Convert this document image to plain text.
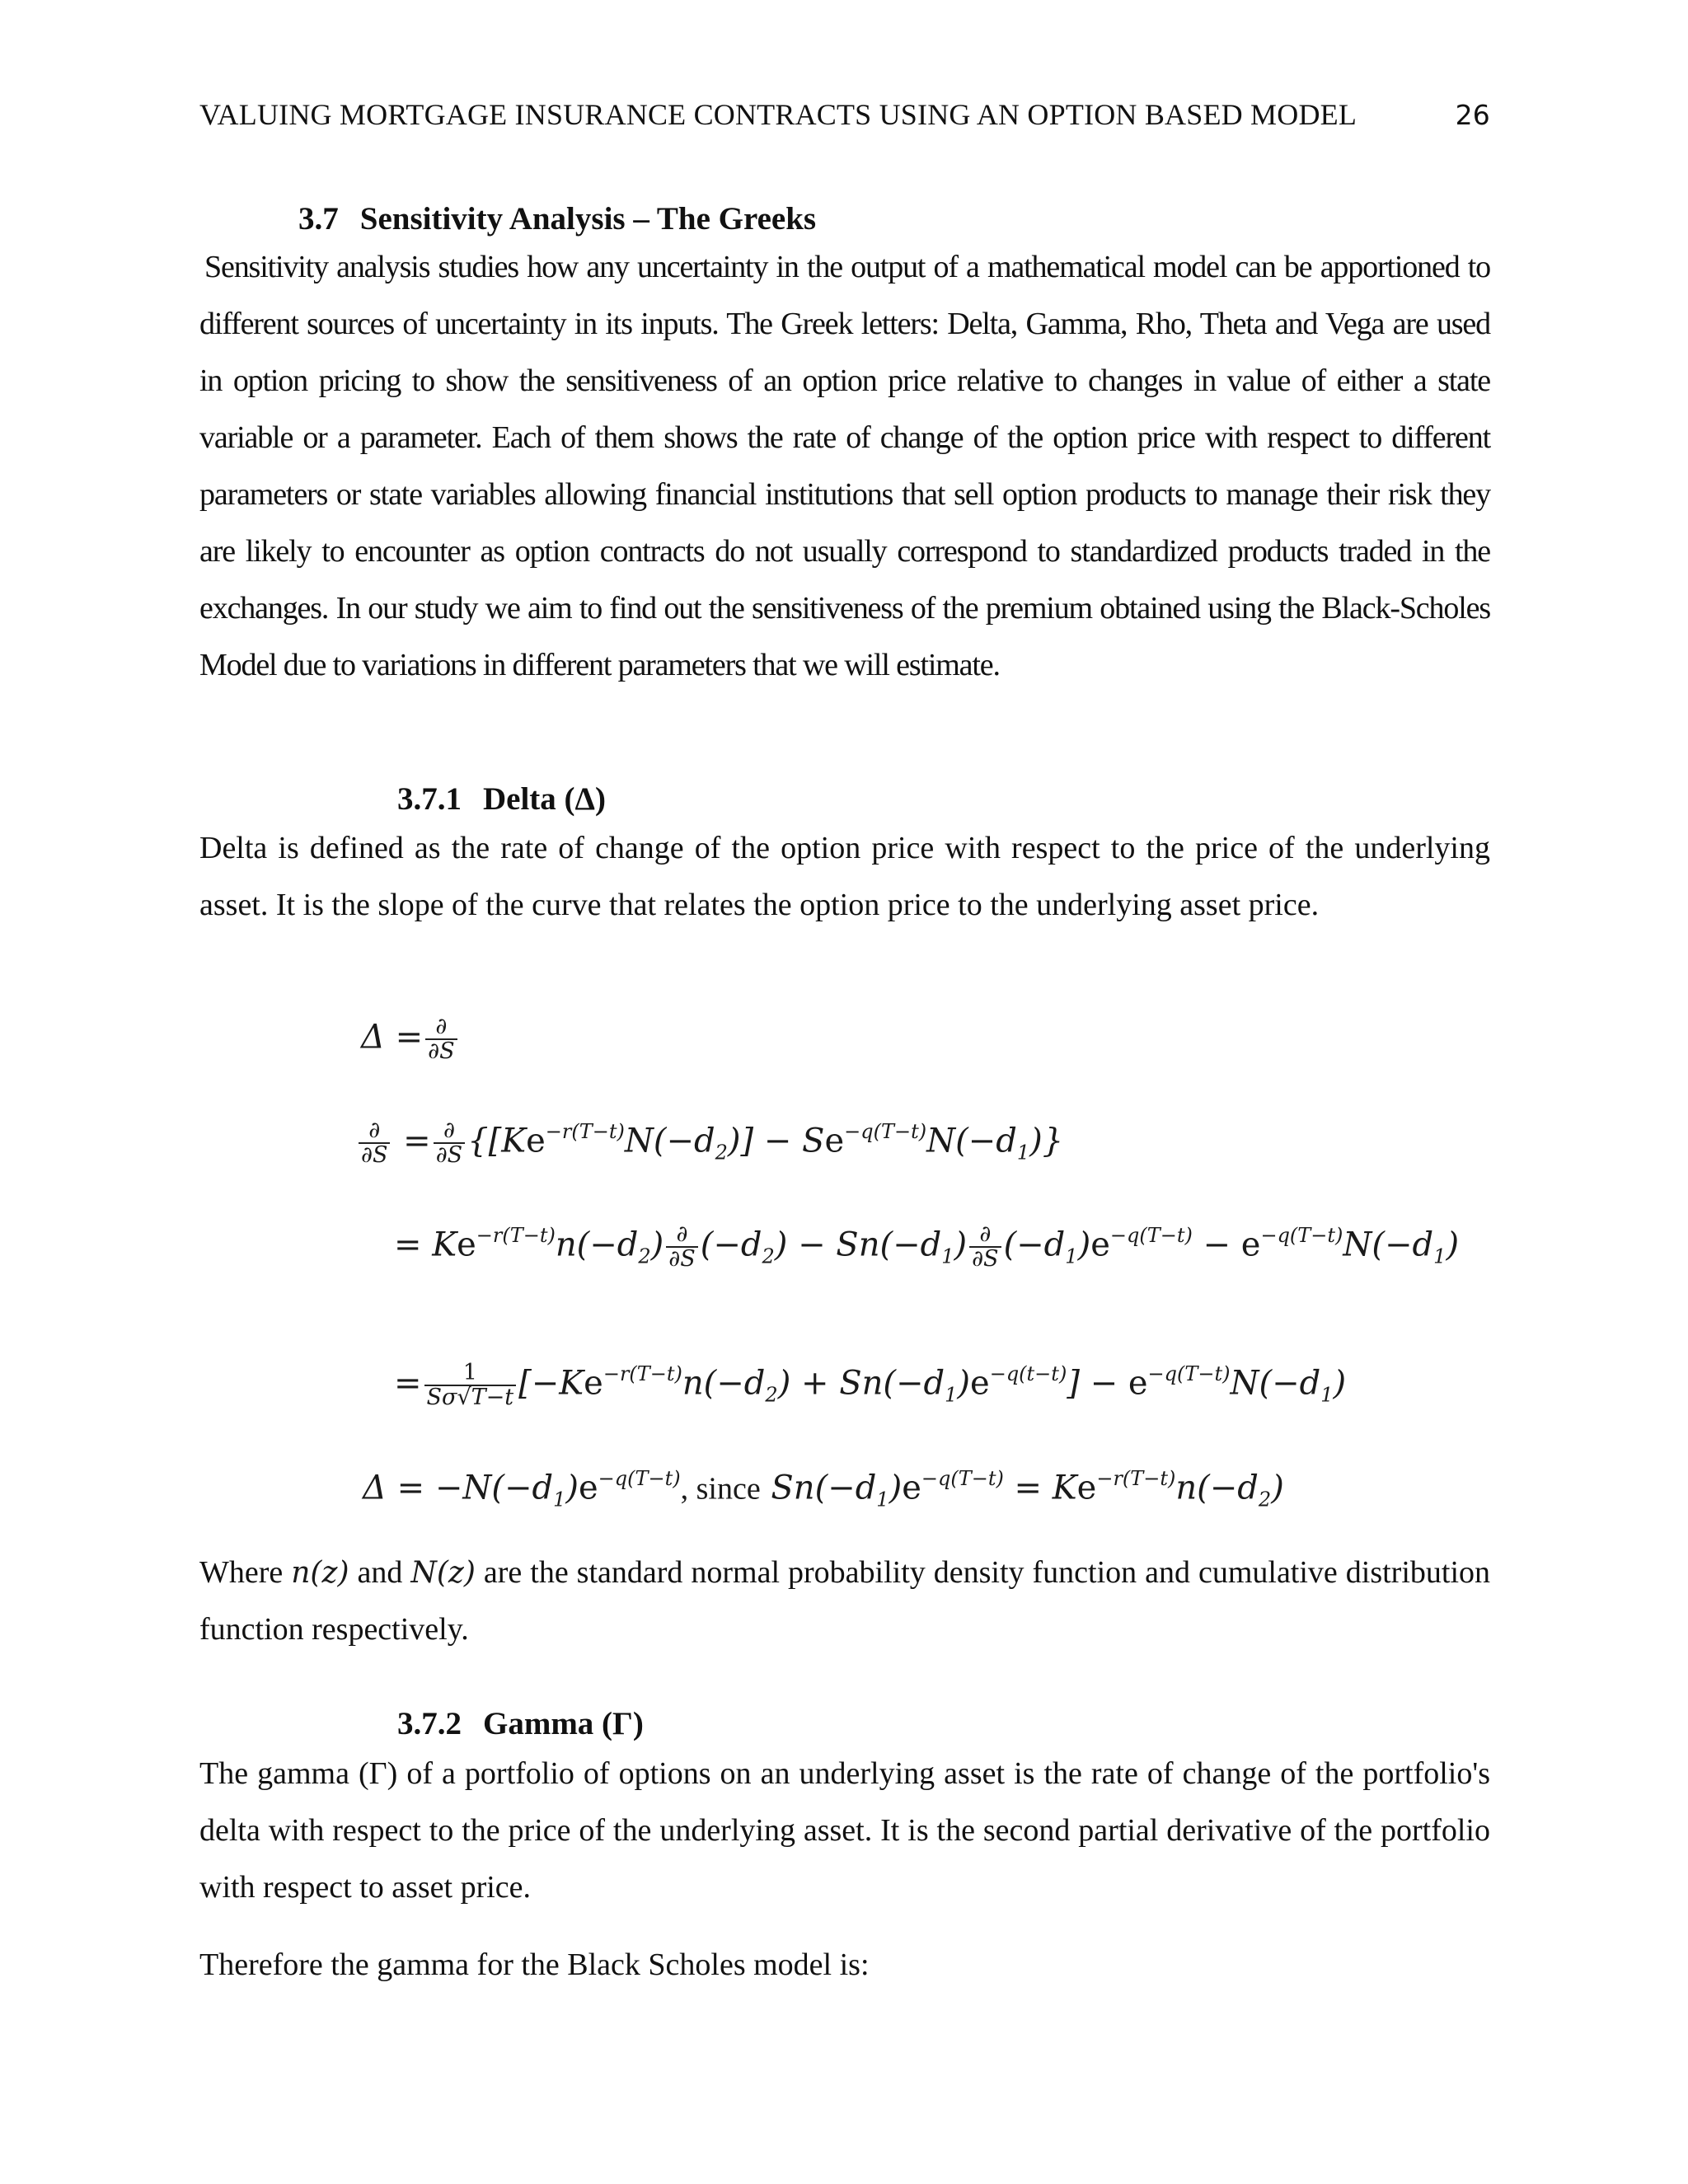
VALUING MORTGAGE INSURANCE CONTRACTS USING AN OPTION BASED MODEL	26
3.7 Sensitivity Analysis – The Greeks

Sensitivity analysis studies how any uncertainty in the output of a mathematical model can be apportioned to different sources of uncertainty in its inputs. The Greek letters: Delta, Gamma, Rho, Theta and Vega are used in option pricing to show the sensitiveness of an option price relative to changes in value of either a state variable or a parameter. Each of them shows the rate of change of the option price with respect to different parameters or state variables allowing financial institutions that sell option products to manage their risk they are likely to encounter as option contracts do not usually correspond to standardized products traded in the exchanges. In our study we aim to find out the sensitiveness of the premium obtained using the Black-Scholes Model due to variations in different parameters that we will estimate.

3.7.1 Delta (Δ)

Delta is defined as the rate of change of the option price with respect to the price of the underlying asset. It is the slope of the curve that relates the option price to the underlying asset price.

$\Delta = \frac{\partial}{\partial S}$
$\frac{\partial}{\partial S} = \frac{\partial}{\partial S} \{[Ke^{-r(T-t)}N(-d_2)] - Se^{-q(T-t)}N(-d_1)\}$
= $Ke^{-r(T-t)}n(-d_2) \frac{\partial}{\partial S} (-d_2) - Sn(-d_1) \frac{\partial}{\partial S} (-d_1)e^{-q(T-t)} - e^{-q(T-t)}N(-d_1)$
= $\frac{1}{S\sigma√T-t} [-Ke^{-r(T-t)}n(-d_2) + Sn(-d_1)e^{-q(t-t)}] - e^{-q(T-t)}N(-d_1)$
$\Delta = -N(-d_1)e^{-q(T-t)}$, since $Sn(-d_1)e^{-q(T-t)} = Ke^{-r(T-t)}n(-d_2)$

Where n(z) and N(z) are the standard normal probability density function and cumulative distribution function respectively.

3.7.2 Gamma (Γ)

The gamma (Γ) of a portfolio of options on an underlying asset is the rate of change of the portfolio's delta with respect to the price of the underlying asset. It is the second partial derivative of the portfolio with respect to asset price.

Therefore the gamma for the Black Scholes model is:
